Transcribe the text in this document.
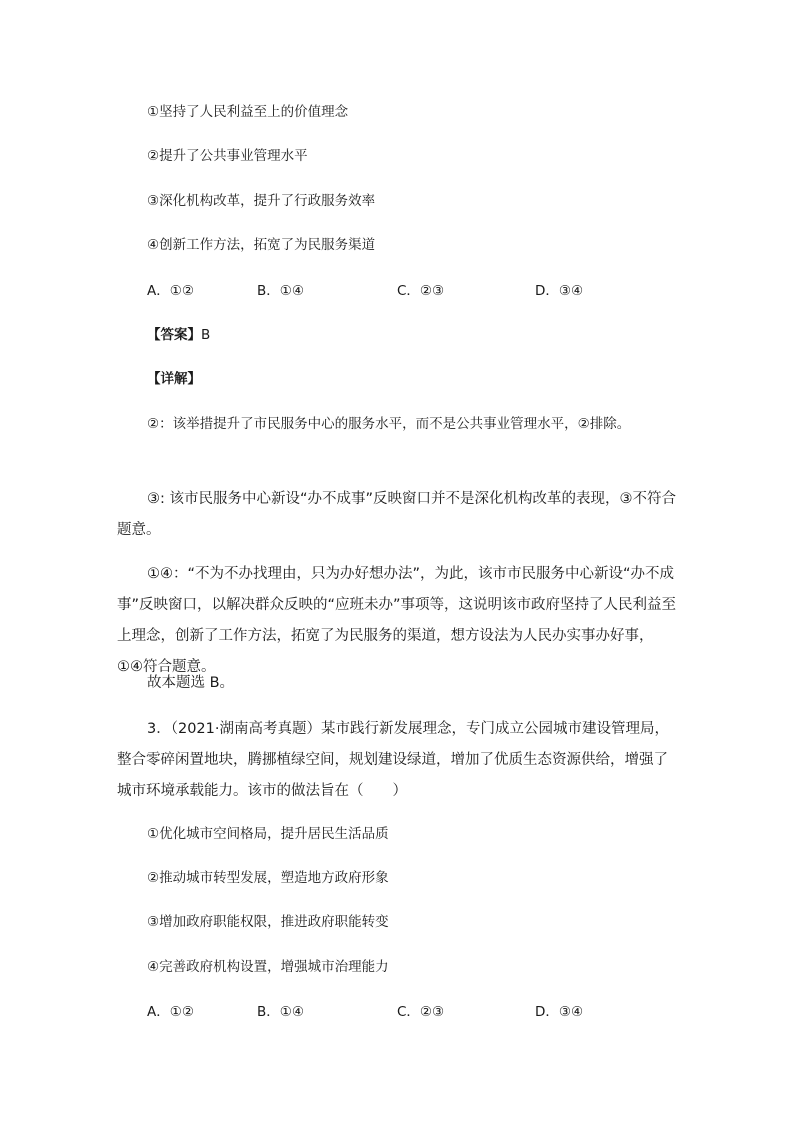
①坚持了人民利益至上的价值理念
②提升了公共事业管理水平
③深化机构改革，提升了行政服务效率
④创新工作方法，拓宽了为民服务渠道
A．①②	B．①④	C．②③	D．③④
【答案】B
【详解】
②：该举措提升了市民服务中心的服务水平，而不是公共事业管理水平，②排除。
③: 该市民服务中心新设“办不成事”反映窗口并不是深化机构改革的表现，③不符合题意。
①④：“不为不办找理由，只为办好想办法”，为此，该市市民服务中心新设“办不成事”反映窗口，以解决群众反映的“应班未办”事项等，这说明该市政府坚持了人民利益至上理念，创新了工作方法，拓宽了为民服务的渠道，想方设法为人民办实事办好事，①④符合题意。
故本题选 B。
3．（2021·湖南高考真题）某市践行新发展理念，专门成立公园城市建设管理局，整合零碎闲置地块，腾挪植绿空间，规划建设绿道，增加了优质生态资源供给，增强了城市环境承载能力。该市的做法旨在（　　）
①优化城市空间格局，提升居民生活品质
②推动城市转型发展，塑造地方政府形象
③增加政府职能权限，推进政府职能转变
④完善政府机构设置，增强城市治理能力
A．①②	B．①④	C．②③	D．③④
